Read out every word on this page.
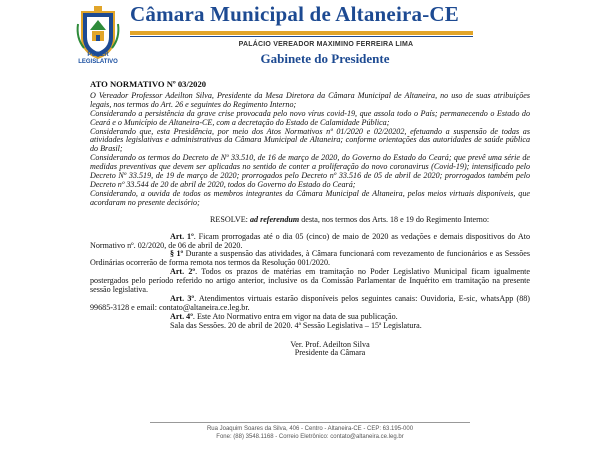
PODER
LEGISLATIVO
Câmara Municipal de Altaneira-CE
PALÁCIO VEREADOR MAXIMINO FERREIRA LIMA
Gabinete do Presidente
ATO NORMATIVO Nº 03/2020

O Vereador Professor Adeilton Silva, Presidente da Mesa Diretora da Câmara Municipal de Altaneira, no uso de suas atribuições legais, nos termos do Art. 26 e seguintes do Regimento Interno;

Considerando a persistência da grave crise provocada pelo novo vírus covid-19, que assola todo o País; permanecendo o Estado do Ceará e o Município de Altaneira-CE, com a decretação do Estado de Calamidade Pública;

Considerando que, esta Presidência, por meio dos Atos Normativos nº 01/2020 e 02/20202, efetuando a suspensão de todas as atividades legislativas e administrativas da Câmara Municipal de Altaneira; conforme orientações das autoridades de saúde pública do Brasil;

Considerando os termos do Decreto de Nº 33.510, de 16 de março de 2020, do Governo do Estado do Ceará; que prevê uma série de medidas preventivas que devem ser aplicadas no sentido de conter a proliferação do novo coronavirus (Covid-19); intensificado pelo Decreto Nº 33.519, de 19 de março de 2020; prorrogados pelo Decreto nº 33.516 de 05 de abril de 2020; prorrogados também pelo Decreto nº 33.544 de 20 de abril de 2020, todos do Governo do Estado do Ceará;

Considerando, a ouvida de todos os membros integrantes da Câmara Municipal de Altaneira, pelos meios virtuais disponíveis, que acordaram no presente decisório;

RESOLVE: ad referendum desta, nos termos dos Arts. 18 e 19 do Regimento Interno:

Art. 1º. Ficam prorrogadas até o dia 05 (cinco) de maio de 2020 as vedações e demais dispositivos do Ato Normativo nº. 02/2020, de 06 de abril de 2020.

§ 1º Durante a suspensão das atividades, à Câmara funcionará com revezamento de funcionários e as Sessões Ordinárias ocorrerão de forma remota nos termos da Resolução 001/2020.

Art. 2º. Todos os prazos de matérias em tramitação no Poder Legislativo Municipal ficam igualmente postergados pelo período referido no artigo anterior, inclusive os da Comissão Parlamentar de Inquérito em tramitação na presente sessão legislativa.

Art. 3º. Atendimentos virtuais estarão disponíveis pelos seguintes canais: Ouvidoria, E-sic, whatsApp (88) 99685-3128 e email: contato@altaneira.ce.leg.br.

Art. 4º. Este Ato Normativo entra em vigor na data de sua publicação.

Sala das Sessões. 20 de abril de 2020. 4ª Sessão Legislativa – 15ª Legislatura.

Ver. Prof. Adeilton Silva
Presidente da Câmara
Rua Joaquim Soares da Silva, 406 - Centro - Altaneira-CE - CEP: 63.195-000
Fone: (88) 3548.1168 - Correio Eletrônico: contato@altaneira.ce.leg.br
